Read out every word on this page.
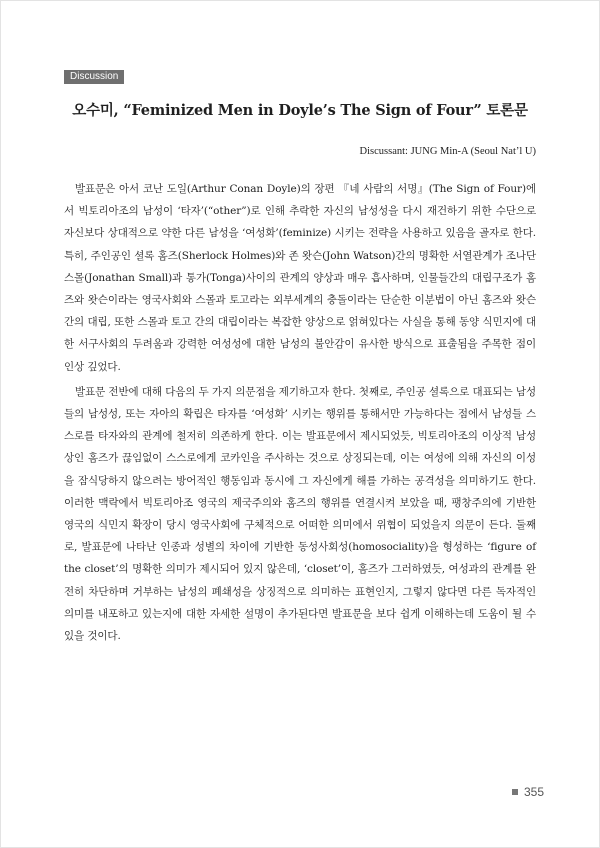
Discussion
오수미, “Feminized Men in Doyle’s The Sign of Four” 토론문
Discussant: JUNG Min-A (Seoul Nat’l U)

발표문은 아서 코난 도일(Arthur Conan Doyle)의 장편 『네 사람의 서명』(The Sign of Four)에서 빅토리아조의 남성이 ‘타자’(“other”)로 인해 추락한 자신의 남성성을 다시 재건하기 위한 수단으로 자신보다 상대적으로 약한 다른 남성을 ‘여성화’(feminize) 시키는 전략을 사용하고 있음을 골자로 한다. 특히, 주인공인 셜록 홈즈(Sherlock Holmes)와 존 왓슨(John Watson)간의 명확한 서열관계가 조나단 스몰(Jonathan Small)과 통가(Tonga)사이의 관계의 양상과 매우 흡사하며, 인물들간의 대립구조가 홈즈와 왓슨이라는 영국사회와 스몰과 토고라는 외부세계의 충돌이라는 단순한 이분법이 아닌 홈즈와 왓슨 간의 대립, 또한 스몰과 토고 간의 대립이라는 복잡한 양상으로 얽혀있다는 사실을 통해 동양 식민지에 대한 서구사회의 두려움과 강력한 여성성에 대한 남성의 불안감이 유사한 방식으로 표출됨을 주목한 점이 인상 깊었다.

발표문 전반에 대해 다음의 두 가지 의문점을 제기하고자 한다. 첫째로, 주인공 셜록으로 대표되는 남성들의 남성성, 또는 자아의 확립은 타자를 ‘여성화’ 시키는 행위를 통해서만 가능하다는 점에서 남성들 스스로를 타자와의 관계에 철저히 의존하게 한다. 이는 발표문에서 제시되었듯, 빅토리아조의 이상적 남성상인 홈즈가 끊임없이 스스로에게 코카인을 주사하는 것으로 상징되는데, 이는 여성에 의해 자신의 이성을 잠식당하지 않으려는 방어적인 행동임과 동시에 그 자신에게 해를 가하는 공격성을 의미하기도 한다. 이러한 맥락에서 빅토리아조 영국의 제국주의와 홈즈의 행위를 연결시켜 보았을 때, 팽창주의에 기반한 영국의 식민지 확장이 당시 영국사회에 구체적으로 어떠한 의미에서 위협이 되었을지 의문이 든다. 둘째로, 발표문에 나타난 인종과 성별의 차이에 기반한 동성사회성(homosociality)을 형성하는 ‘figure of the closet’의 명확한 의미가 제시되어 있지 않은데, ‘closet’이, 홈즈가 그러하였듯, 여성과의 관계를 완전히 차단하며 거부하는 남성의 폐쇄성을 상징적으로 의미하는 표현인지, 그렇지 않다면 다른 독자적인 의미를 내포하고 있는지에 대한 자세한 설명이 추가된다면 발표문을 보다 쉽게 이해하는데 도움이 될 수 있을 것이다.

355
